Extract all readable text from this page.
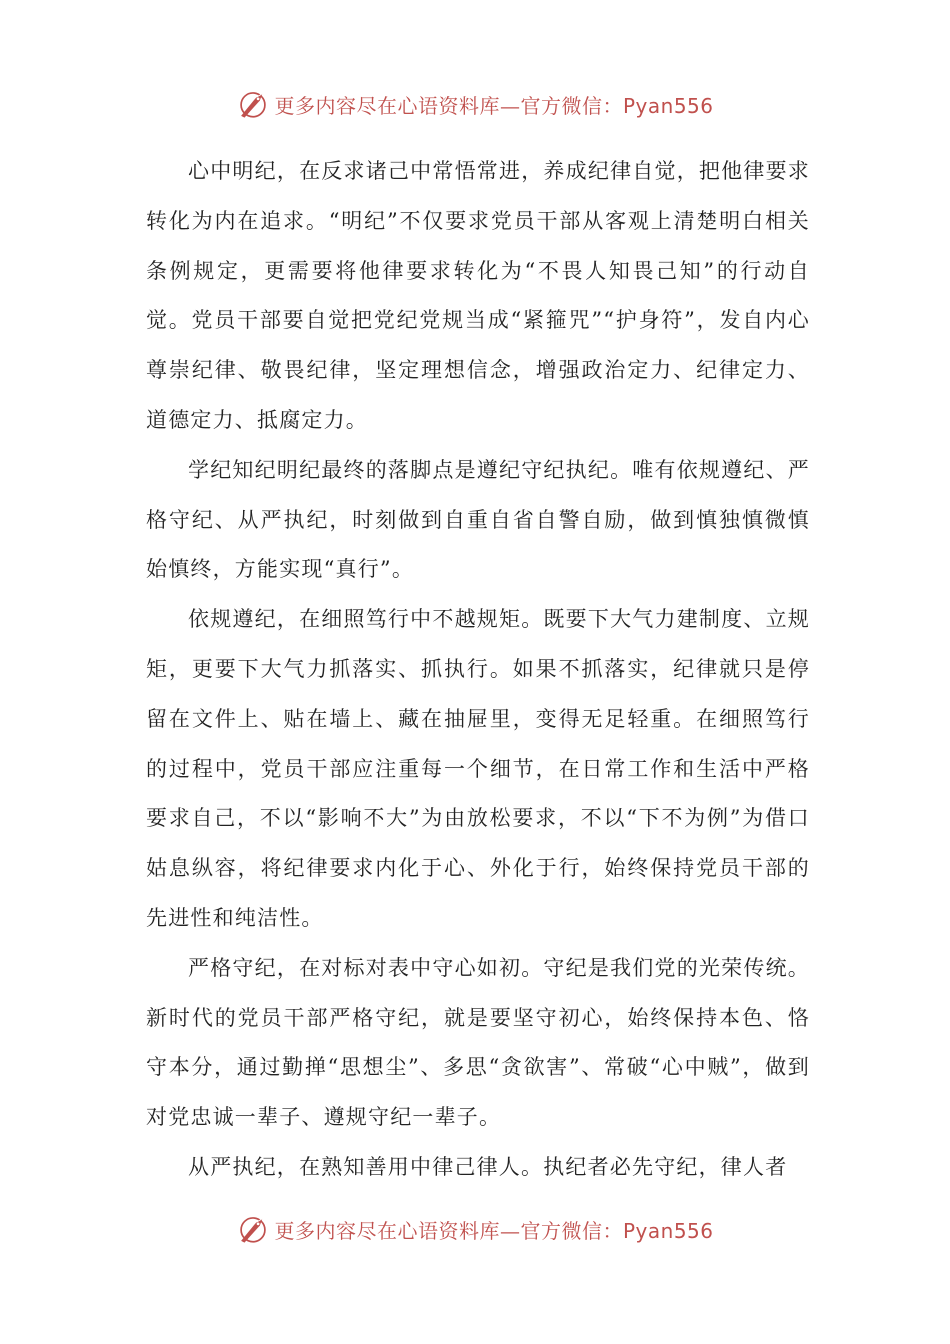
更多内容尽在心语资料库—官方微信：Pyan556

心中明纪，在反求诸己中常悟常进，养成纪律自觉，把他律要求转化为内在追求。“明纪”不仅要求党员干部从客观上清楚明白相关条例规定，更需要将他律要求转化为“不畏人知畏己知”的行动自觉。党员干部要自觉把党纪党规当成“紧箍咒”“护身符”，发自内心尊崇纪律、敬畏纪律，坚定理想信念，增强政治定力、纪律定力、道德定力、抵腐定力。

学纪知纪明纪最终的落脚点是遵纪守纪执纪。唯有依规遵纪、严格守纪、从严执纪，时刻做到自重自省自警自励，做到慎独慎微慎始慎终，方能实现“真行”。

依规遵纪，在细照笃行中不越规矩。既要下大气力建制度、立规矩，更要下大气力抓落实、抓执行。如果不抓落实，纪律就只是停留在文件上、贴在墙上、藏在抽屉里，变得无足轻重。在细照笃行的过程中，党员干部应注重每一个细节，在日常工作和生活中严格要求自己，不以“影响不大”为由放松要求，不以“下不为例”为借口姑息纵容，将纪律要求内化于心、外化于行，始终保持党员干部的先进性和纯洁性。

严格守纪，在对标对表中守心如初。守纪是我们党的光荣传统。新时代的党员干部严格守纪，就是要坚守初心，始终保持本色、恪守本分，通过勤掸“思想尘”、多思“贪欲害”、常破“心中贼”，做到对党忠诚一辈子、遵规守纪一辈子。

从严执纪，在熟知善用中律己律人。执纪者必先守纪，律人者

更多内容尽在心语资料库—官方微信：Pyan556
